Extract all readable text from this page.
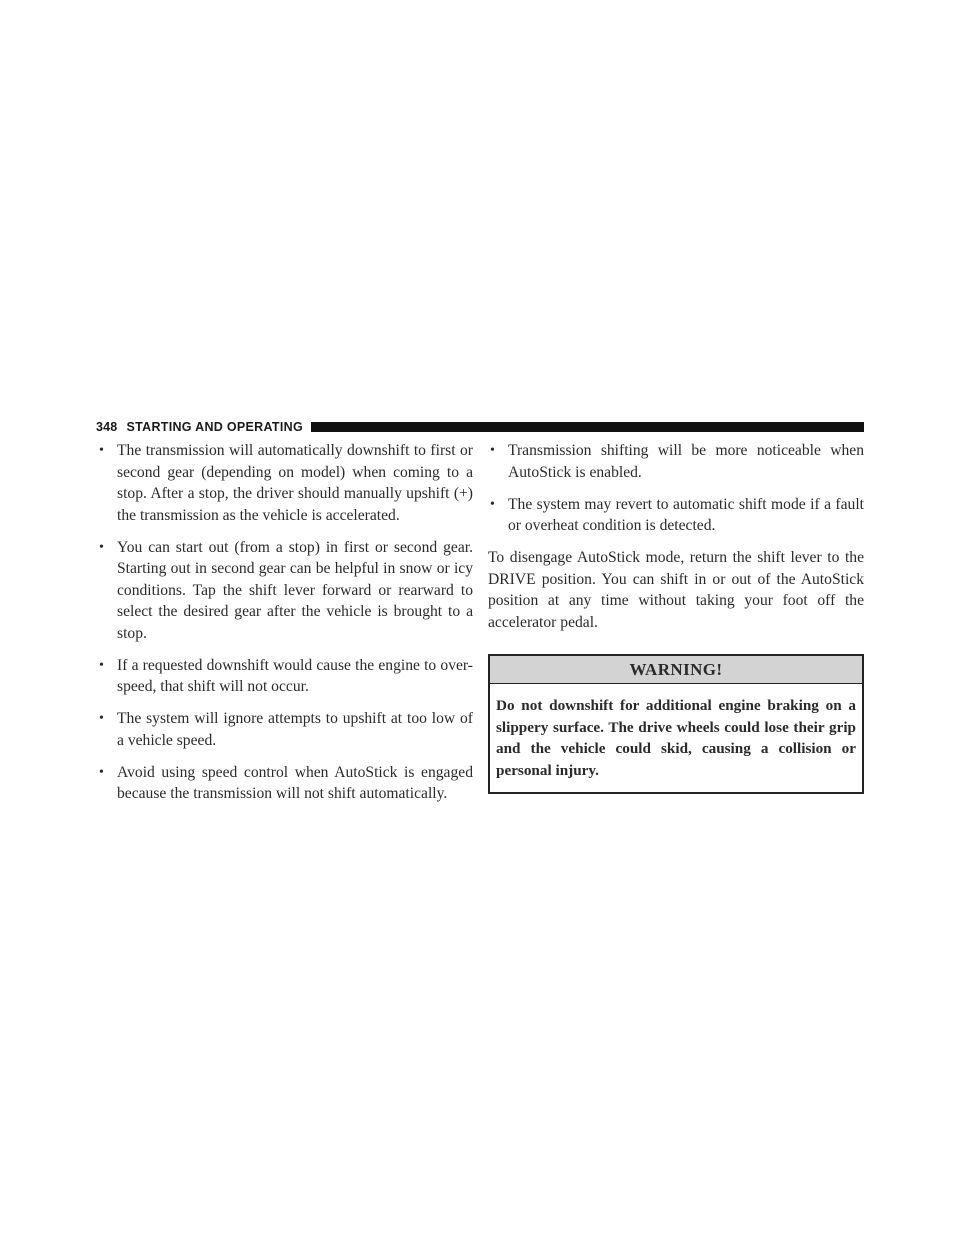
348 STARTING AND OPERATING
• The transmission will automatically downshift to first or second gear (depending on model) when coming to a stop. After a stop, the driver should manually upshift (+) the transmission as the vehicle is accelerated.
• You can start out (from a stop) in first or second gear. Starting out in second gear can be helpful in snow or icy conditions. Tap the shift lever forward or rearward to select the desired gear after the vehicle is brought to a stop.
• If a requested downshift would cause the engine to over-speed, that shift will not occur.
• The system will ignore attempts to upshift at too low of a vehicle speed.
• Avoid using speed control when AutoStick is engaged because the transmission will not shift automatically.
• Transmission shifting will be more noticeable when AutoStick is enabled.
• The system may revert to automatic shift mode if a fault or overheat condition is detected.

To disengage AutoStick mode, return the shift lever to the DRIVE position. You can shift in or out of the AutoStick position at any time without taking your foot off the accelerator pedal.

WARNING!
Do not downshift for additional engine braking on a slippery surface. The drive wheels could lose their grip and the vehicle could skid, causing a collision or personal injury.
